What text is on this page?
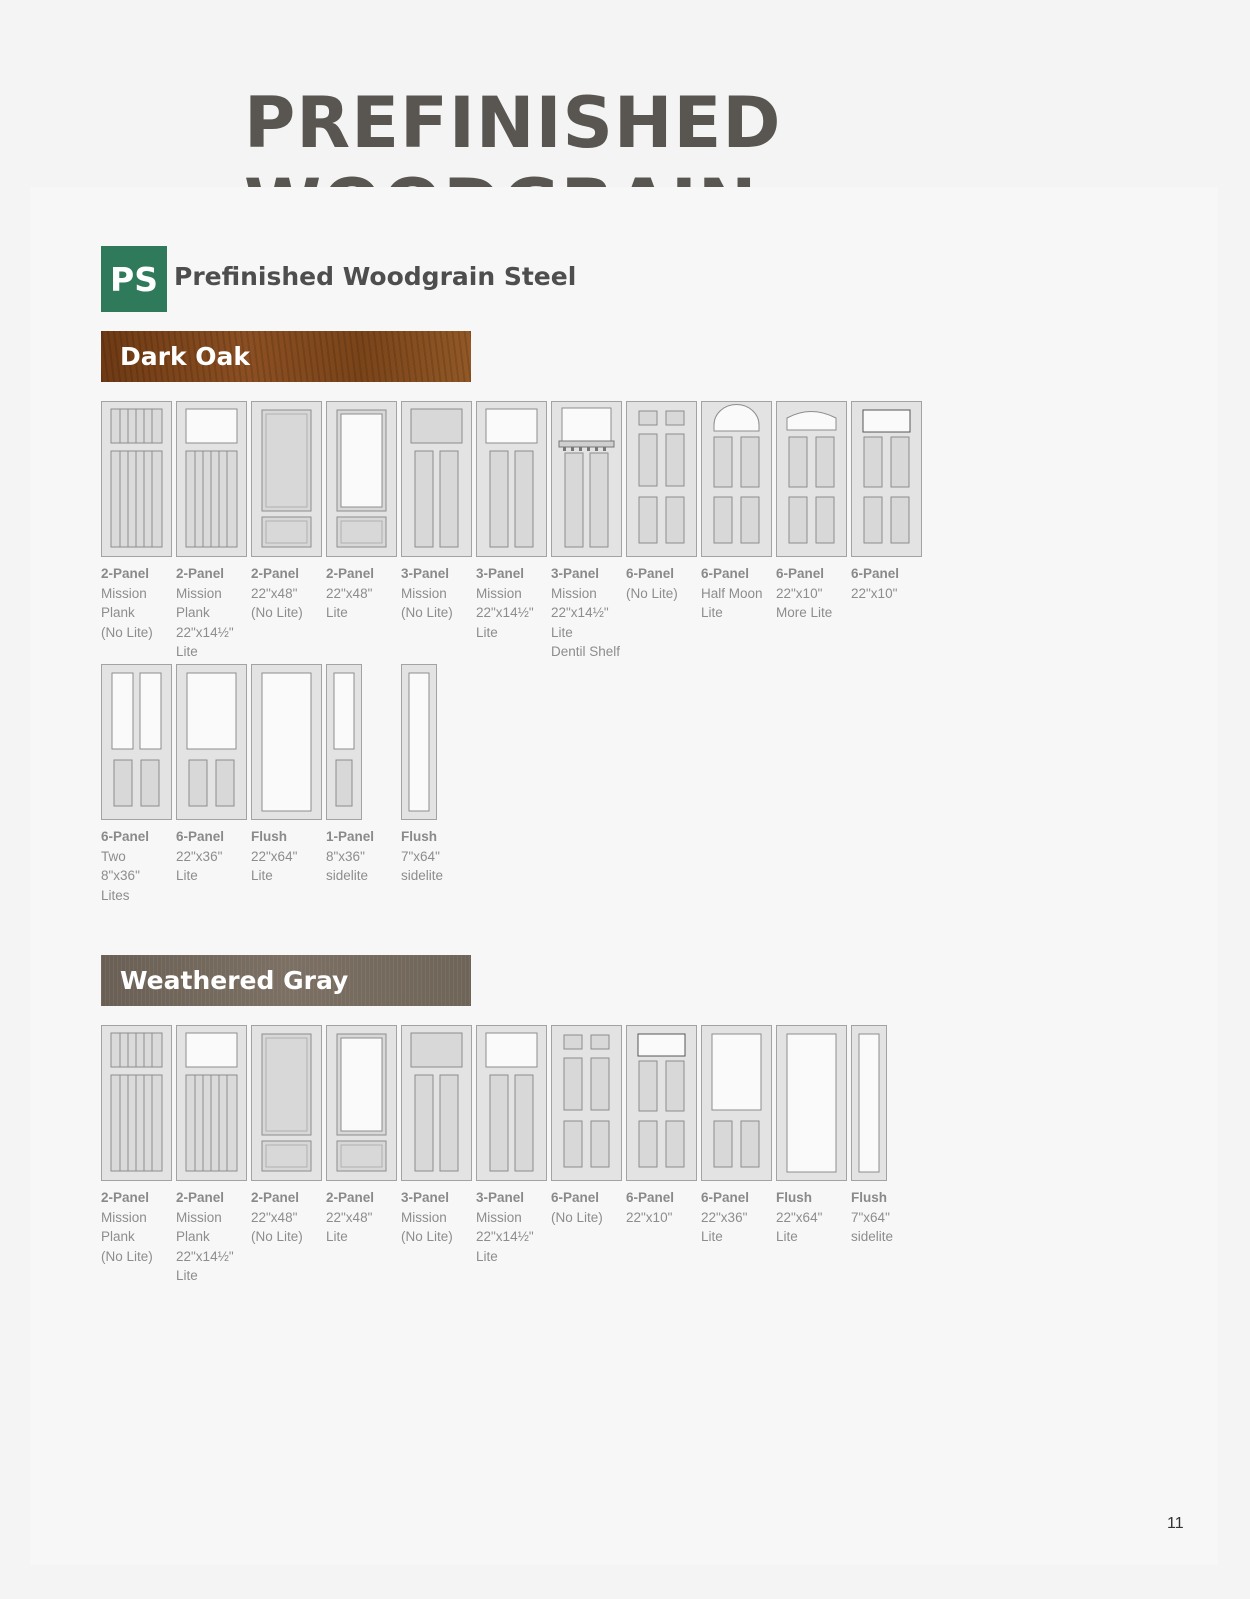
PREFINISHED
PS Prefinished Woodgrain Steel
Dark Oak
2-Panel
Mission
Plank
(No Lite)
2-Panel
Mission
Plank
22"x14½"
Lite
2-Panel
22"x48"
(No Lite)
2-Panel
22"x48"
Lite
3-Panel
Mission
(No Lite)
3-Panel
Mission
22"x14½"
Lite
3-Panel
Mission
22"x14½"
Lite
Dentil Shelf
6-Panel
(No Lite)
6-Panel
Half Moon
Lite
6-Panel
22"x10"
More Lite
6-Panel
22"x10"
6-Panel
Two
8"x36"
Lites
6-Panel
22"x36"
Lite
Flush
22"x64"
Lite
1-Panel
8"x36"
sidelite
Flush
7"x64"
sidelite
Weathered Gray
2-Panel
Mission
Plank
(No Lite)
2-Panel
Mission
Plank
22"x14½"
Lite
2-Panel
22"x48"
(No Lite)
2-Panel
22"x48"
Lite
3-Panel
Mission
(No Lite)
3-Panel
Mission
22"x14½"
Lite
6-Panel
(No Lite)
6-Panel
22"x10"
6-Panel
22"x36"
Lite
Flush
22"x64"
Lite
Flush
7"x64"
sidelite
11
